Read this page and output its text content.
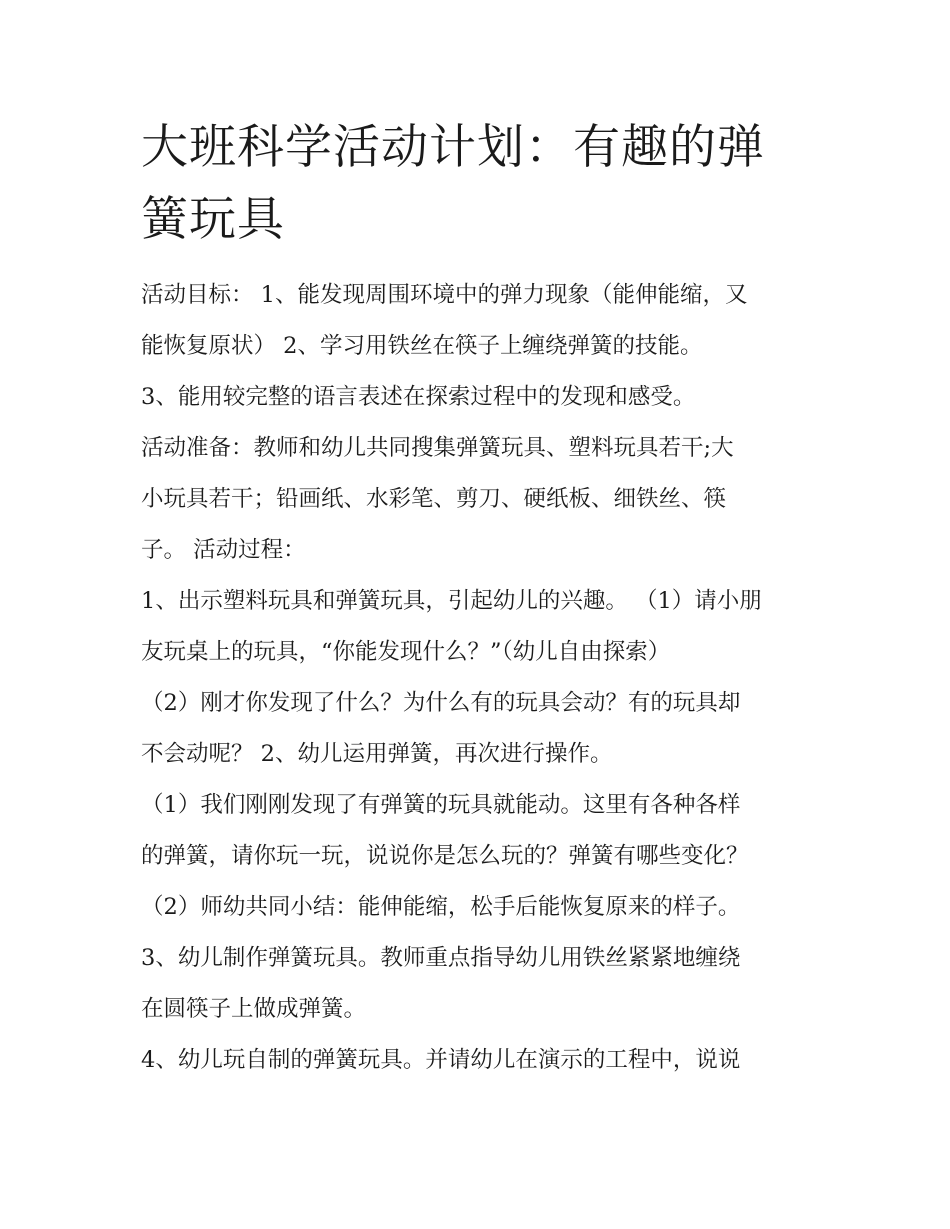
大班科学活动计划：有趣的弹
簧玩具

活动目标： 1、能发现周围环境中的弹力现象（能伸能缩，又

能恢复原状） 2、学习用铁丝在筷子上缠绕弹簧的技能。

3、能用较完整的语言表述在探索过程中的发现和感受。

活动准备：教师和幼儿共同搜集弹簧玩具、塑料玩具若干;大

小玩具若干；铅画纸、水彩笔、剪刀、硬纸板、细铁丝、筷

子。 活动过程：

1、出示塑料玩具和弹簧玩具，引起幼儿的兴趣。 （1）请小朋

友玩桌上的玩具，“你能发现什么？”（幼儿自由探索）

（2）刚才你发现了什么？为什么有的玩具会动？有的玩具却

不会动呢？ 2、幼儿运用弹簧，再次进行操作。

（1）我们刚刚发现了有弹簧的玩具就能动。这里有各种各样

的弹簧，请你玩一玩，说说你是怎么玩的？弹簧有哪些变化？

（2）师幼共同小结：能伸能缩，松手后能恢复原来的样子。

3、幼儿制作弹簧玩具。教师重点指导幼儿用铁丝紧紧地缠绕

在圆筷子上做成弹簧。

4、幼儿玩自制的弹簧玩具。并请幼儿在演示的工程中，说说
